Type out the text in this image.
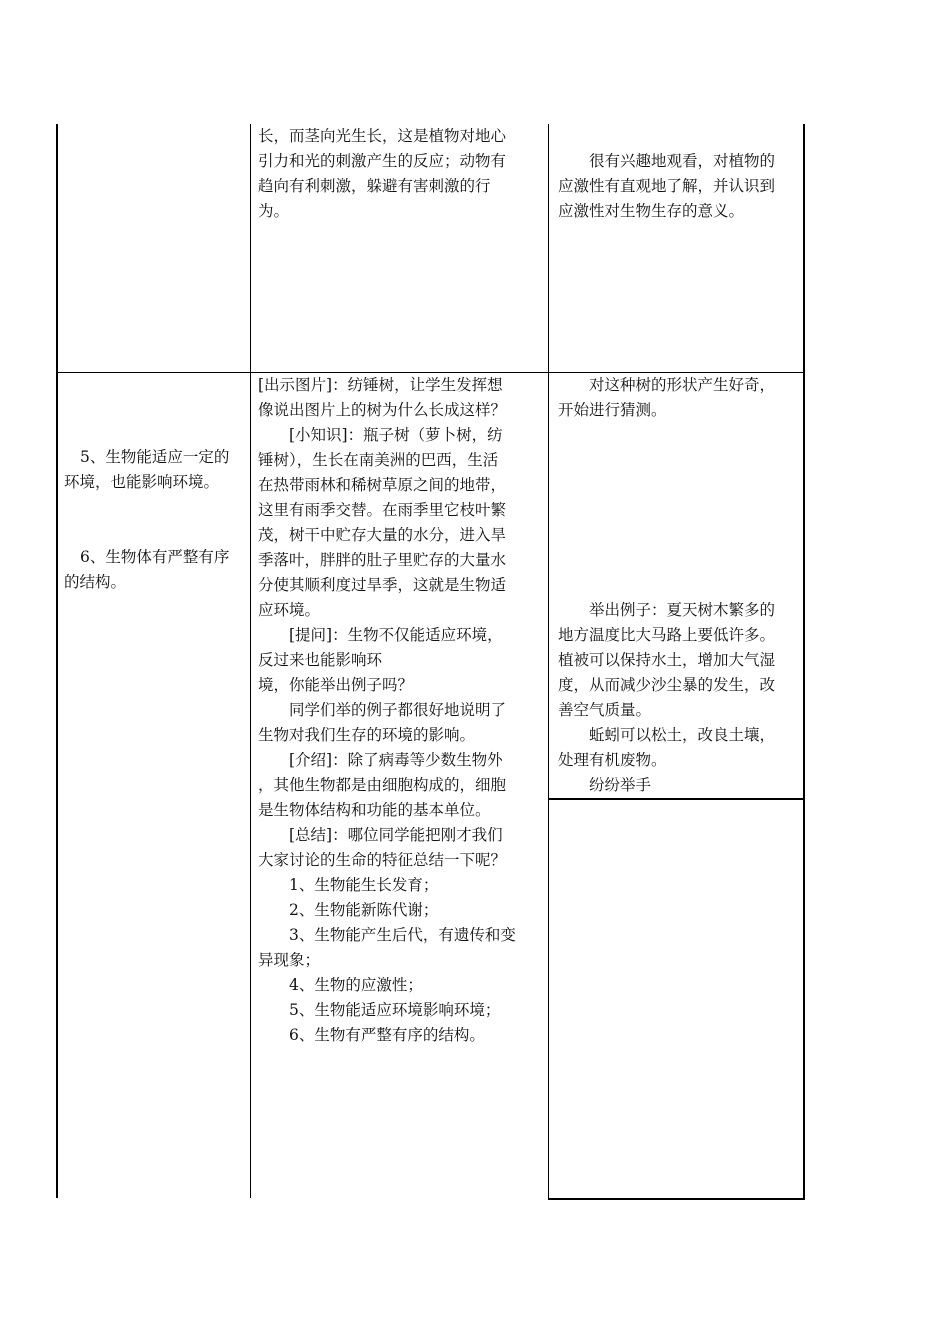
长，而茎向光生长，这是植物对地心

引力和光的刺激产生的反应；动物有

趋向有利刺激，躲避有害刺激的行

为。

很有兴趣地观看，对植物的

应激性有直观地了解，并认识到

应激性对生物生存的意义。

5、生物能适应一定的

环境，也能影响环境。

6、生物体有严整有序

的结构。

[出示图片]：纺锤树，让学生发挥想

像说出图片上的树为什么长成这样？

[小知识]：瓶子树（萝卜树，纺

锤树），生长在南美洲的巴西，生活

在热带雨林和稀树草原之间的地带，

这里有雨季交替。在雨季里它枝叶繁

茂，树干中贮存大量的水分，进入旱

季落叶，胖胖的肚子里贮存的大量水

分使其顺利度过旱季，这就是生物适

应环境。

[提问]：生物不仅能适应环境，

反过来也能影响环

境，你能举出例子吗？

同学们举的例子都很好地说明了

生物对我们生存的环境的影响。

[介绍]：除了病毒等少数生物外

，其他生物都是由细胞构成的，细胞

是生物体结构和功能的基本单位。

[总结]：哪位同学能把刚才我们

大家讨论的生命的特征总结一下呢？

1、生物能生长发育；

2、生物能新陈代谢；

3、生物能产生后代，有遗传和变

异现象；

4、生物的应激性；

5、生物能适应环境影响环境；

6、生物有严整有序的结构。

对这种树的形状产生好奇，

开始进行猜测。

举出例子：夏天树木繁多的

地方温度比大马路上要低许多。

植被可以保持水土，增加大气湿

度，从而减少沙尘暴的发生，改

善空气质量。

蚯蚓可以松土，改良土壤，

处理有机废物。

纷纷举手
